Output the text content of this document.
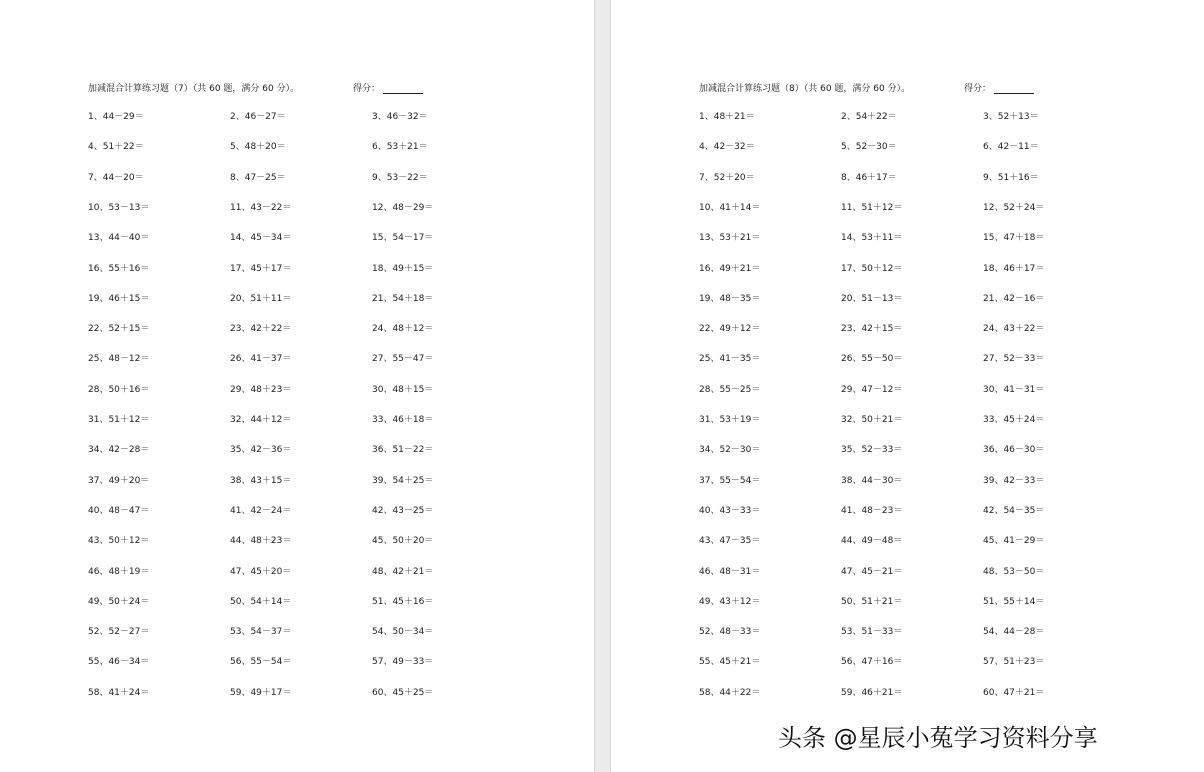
加减混合计算练习题（7）（共 60 题，满分 60 分）。	得分：
1、44－29＝	2、46－27＝	3、46－32＝
4、51＋22＝	5、48＋20＝	6、53＋21＝
7、44－20＝	8、47－25＝	9、53－22＝
10、53－13＝	11、43－22＝	12、48－29＝
13、44－40＝	14、45－34＝	15、54－17＝
16、55＋16＝	17、45＋17＝	18、49＋15＝
19、46＋15＝	20、51＋11＝	21、54＋18＝
22、52＋15＝	23、42＋22＝	24、48＋12＝
25、48－12＝	26、41－37＝	27、55－47＝
28、50＋16＝	29、48＋23＝	30、48＋15＝
31、51＋12＝	32、44＋12＝	33、46＋18＝
34、42－28＝	35、42－36＝	36、51－22＝
37、49＋20＝	38、43＋15＝	39、54＋25＝
40、48－47＝	41、42－24＝	42、43－25＝
43、50＋12＝	44、48＋23＝	45、50＋20＝
46、48＋19＝	47、45＋20＝	48、42＋21＝
49、50＋24＝	50、54＋14＝	51、45＋16＝
52、52－27＝	53、54－37＝	54、50－34＝
55、46－34＝	56、55－54＝	57、49－33＝
58、41＋24＝	59、49＋17＝	60、45＋25＝
加减混合计算练习题（8）（共 60 题，满分 60 分）。	得分：
1、48＋21＝	2、54＋22＝	3、52＋13＝
4、42－32＝	5、52－30＝	6、42－11＝
7、52＋20＝	8、46＋17＝	9、51＋16＝
10、41＋14＝	11、51＋12＝	12、52＋24＝
13、53＋21＝	14、53＋11＝	15、47＋18＝
16、49＋21＝	17、50＋12＝	18、46＋17＝
19、48－35＝	20、51－13＝	21、42－16＝
22、49＋12＝	23、42＋15＝	24、43＋22＝
25、41－35＝	26、55－50＝	27、52－33＝
28、55－25＝	29、47－12＝	30、41－31＝
31、53＋19＝	32、50＋21＝	33、45＋24＝
34、52－30＝	35、52－33＝	36、46－30＝
37、55－54＝	38、44－30＝	39、42－33＝
40、43－33＝	41、48－23＝	42、54－35＝
43、47－35＝	44、49－48＝	45、41－29＝
46、48－31＝	47、45－21＝	48、53－50＝
49、43＋12＝	50、51＋21＝	51、55＋14＝
52、48－33＝	53、51－33＝	54、44－28＝
55、45＋21＝	56、47＋16＝	57、51＋23＝
58、44＋22＝	59、46＋21＝	60、47＋21＝
头条 @星辰小菟学习资料分享
